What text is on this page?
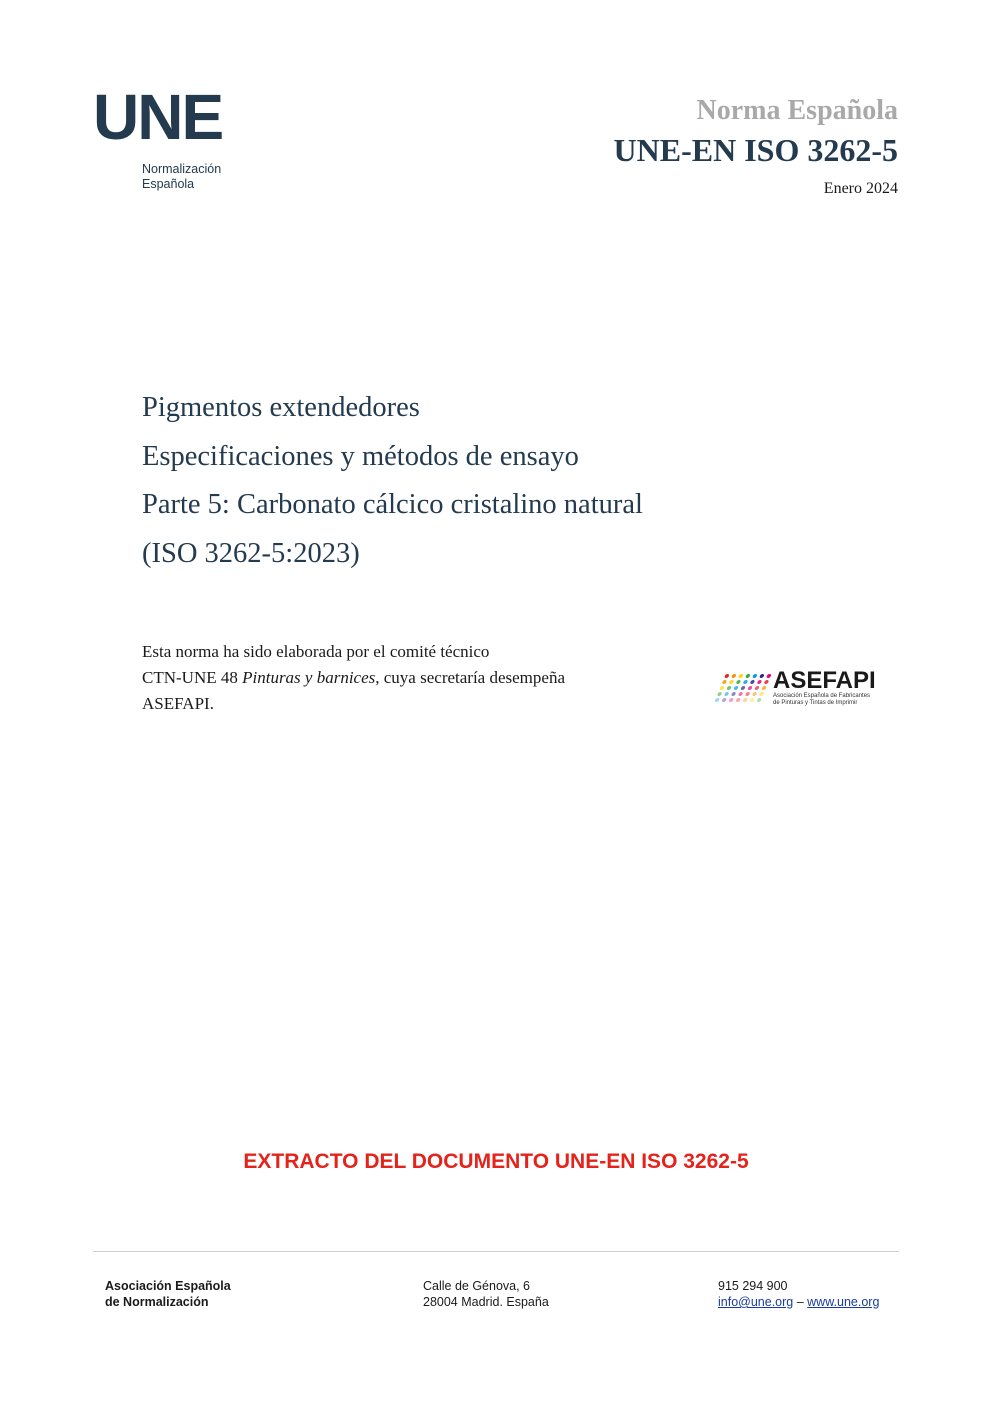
UNE
Normalización
Española
Norma Española
UNE-EN ISO 3262-5
Enero 2024
Pigmentos extendedores
Especificaciones y métodos de ensayo
Parte 5: Carbonato cálcico cristalino natural
(ISO 3262-5:2023)
Esta norma ha sido elaborada por el comité técnico
CTN-UNE 48 Pinturas y barnices, cuya secretaría desempeña
ASEFAPI.
ASEFAPI
Asociación Española de Fabricantes
de Pinturas y Tintas de Imprimir
EXTRACTO DEL DOCUMENTO UNE-EN ISO 3262-5
Asociación Española
de Normalización
Calle de Génova, 6
28004 Madrid. España
915 294 900
info@une.org – www.une.org
